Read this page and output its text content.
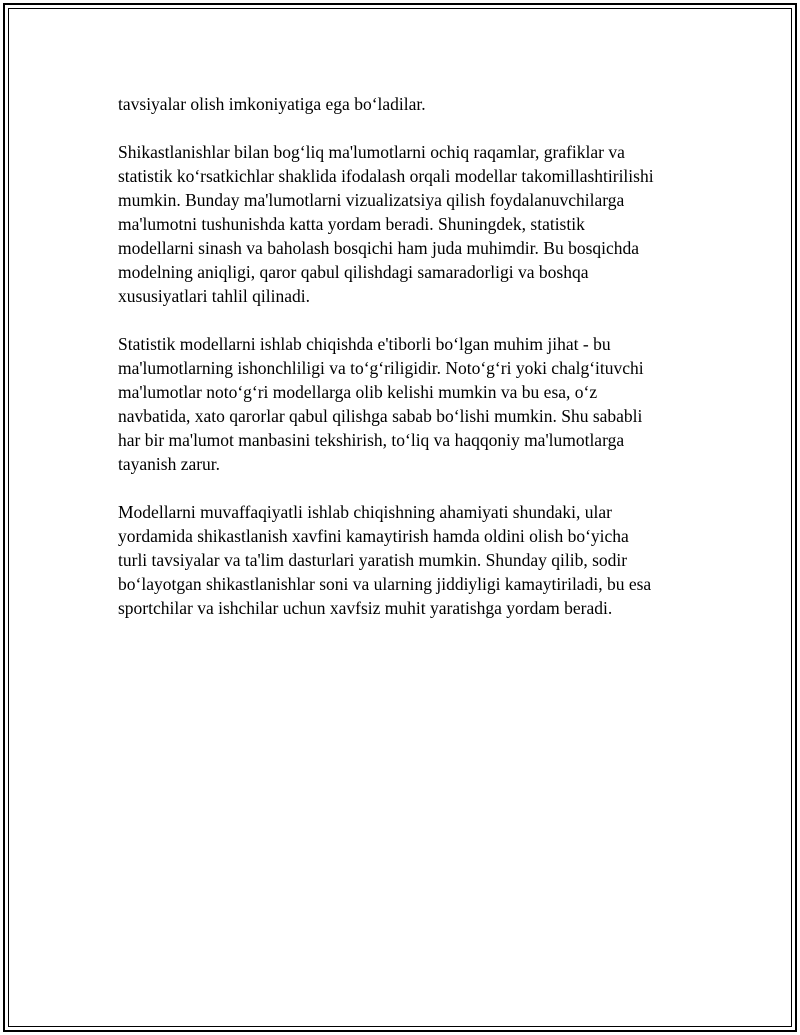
tavsiyalar olish imkoniyatiga ega bo‘ladilar.

Shikastlanishlar bilan bog‘liq ma'lumotlarni ochiq raqamlar, grafiklar va
statistik ko‘rsatkichlar shaklida ifodalash orqali modellar takomillashtirilishi
mumkin. Bunday ma'lumotlarni vizualizatsiya qilish foydalanuvchilarga
ma'lumotni tushunishda katta yordam beradi. Shuningdek, statistik
modellarni sinash va baholash bosqichi ham juda muhimdir. Bu bosqichda
modelning aniqligi, qaror qabul qilishdagi samaradorligi va boshqa
xususiyatlari tahlil qilinadi.

Statistik modellarni ishlab chiqishda e'tiborli bo‘lgan muhim jihat - bu
ma'lumotlarning ishonchliligi va to‘g‘riligidir. Noto‘g‘ri yoki chalg‘ituvchi
ma'lumotlar noto‘g‘ri modellarga olib kelishi mumkin va bu esa, o‘z
navbatida, xato qarorlar qabul qilishga sabab bo‘lishi mumkin. Shu sababli
har bir ma'lumot manbasini tekshirish, to‘liq va haqqoniy ma'lumotlarga
tayanish zarur.

Modellarni muvaffaqiyatli ishlab chiqishning ahamiyati shundaki, ular
yordamida shikastlanish xavfini kamaytirish hamda oldini olish bo‘yicha
turli tavsiyalar va ta'lim dasturlari yaratish mumkin. Shunday qilib, sodir
bo‘layotgan shikastlanishlar soni va ularning jiddiyligi kamaytiriladi, bu esa
sportchilar va ishchilar uchun xavfsiz muhit yaratishga yordam beradi.
